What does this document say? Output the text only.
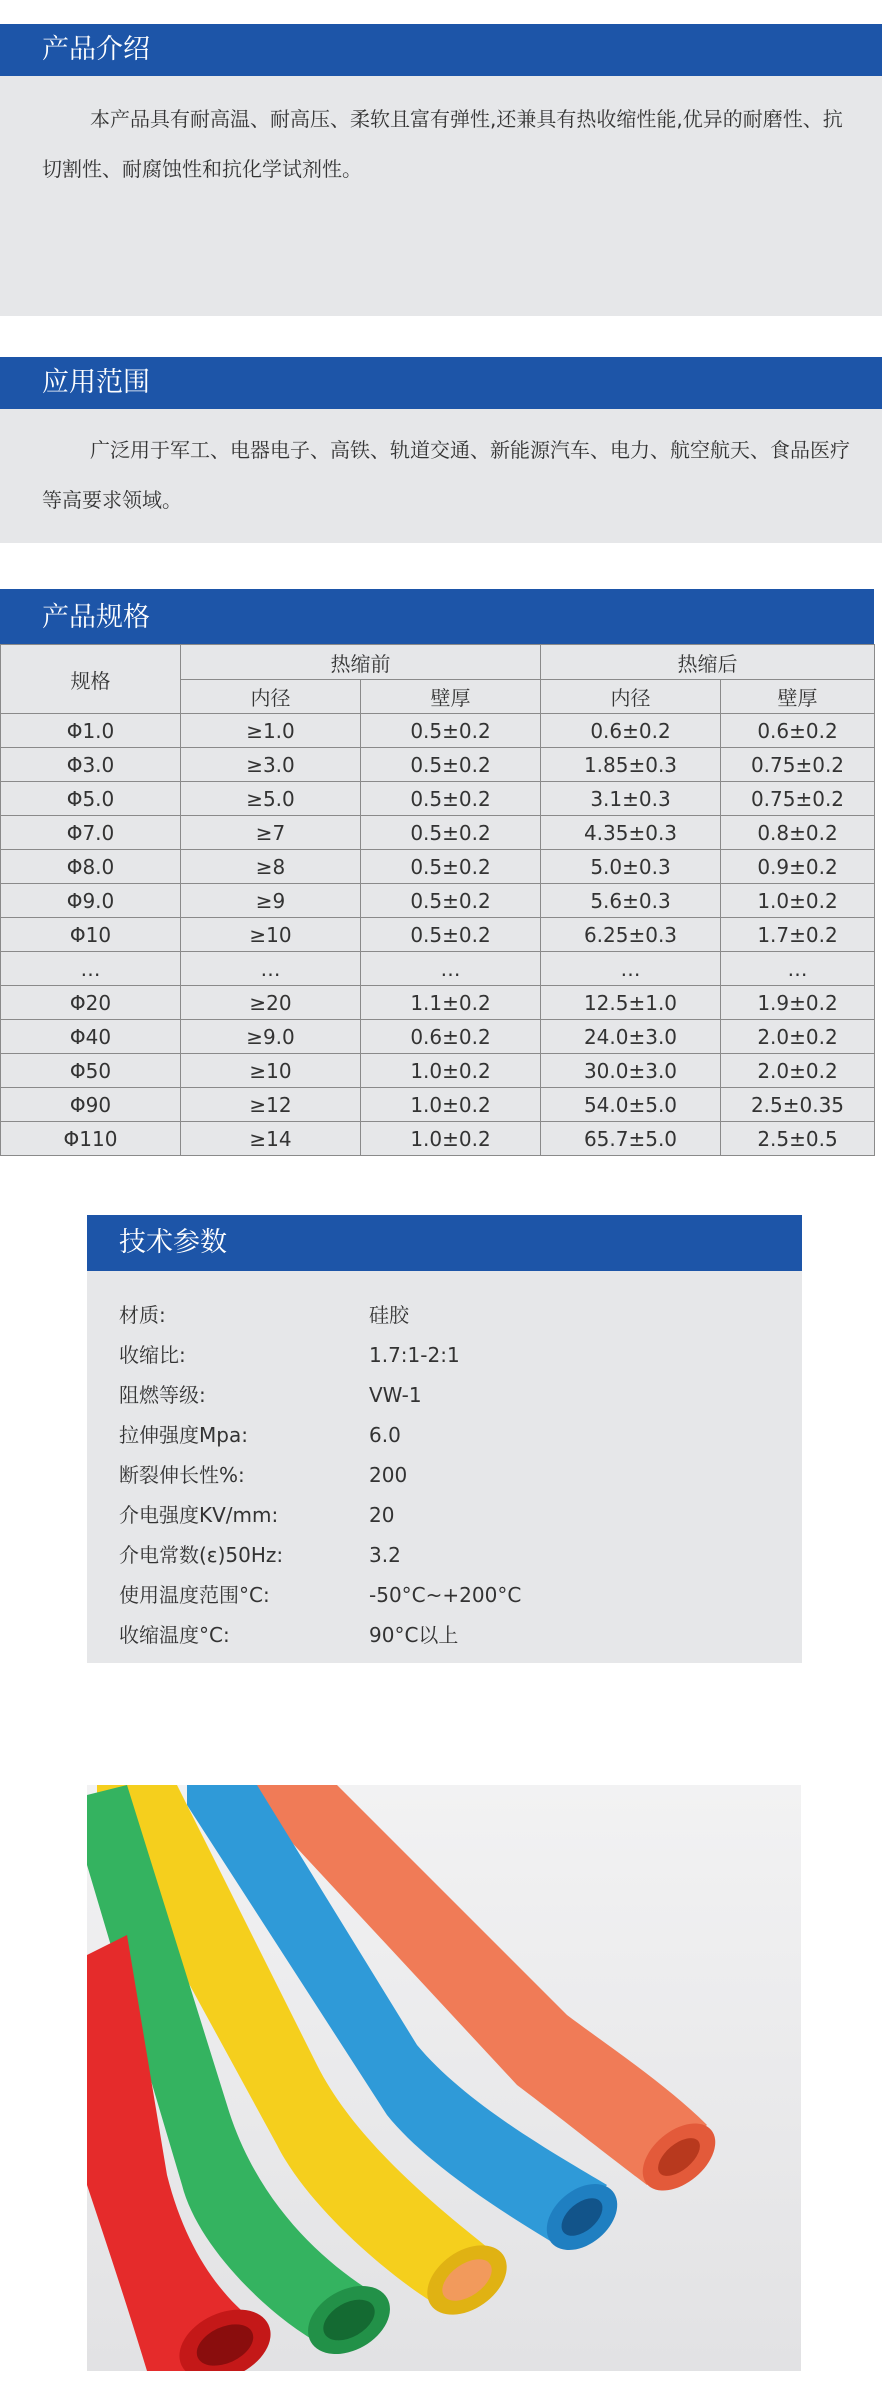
产品介绍
本产品具有耐高温、耐高压、柔软且富有弹性,还兼具有热收缩性能,优异的耐磨性、抗切割性、耐腐蚀性和抗化学试剂性。
应用范围
广泛用于军工、电器电子、高铁、轨道交通、新能源汽车、电力、航空航天、食品医疗等高要求领域。
产品规格
规格	热缩前		热缩后	
	内径	壁厚	内径	壁厚
Φ1.0	≥1.0	0.5±0.2	0.6±0.2	0.6±0.2
Φ3.0	≥3.0	0.5±0.2	1.85±0.3	0.75±0.2
Φ5.0	≥5.0	0.5±0.2	3.1±0.3	0.75±0.2
Φ7.0	≥7	0.5±0.2	4.35±0.3	0.8±0.2
Φ8.0	≥8	0.5±0.2	5.0±0.3	0.9±0.2
Φ9.0	≥9	0.5±0.2	5.6±0.3	1.0±0.2
Φ10	≥10	0.5±0.2	6.25±0.3	1.7±0.2
…	…	…	…	…
Φ20	≥20	1.1±0.2	12.5±1.0	1.9±0.2
Φ40	≥9.0	0.6±0.2	24.0±3.0	2.0±0.2
Φ50	≥10	1.0±0.2	30.0±3.0	2.0±0.2
Φ90	≥12	1.0±0.2	54.0±5.0	2.5±0.35
Φ110	≥14	1.0±0.2	65.7±5.0	2.5±0.5
技术参数
材质:	硅胶
收缩比:	1.7:1-2:1
阻燃等级:	VW-1
拉伸强度Mpa:	6.0
断裂伸长性%:	200
介电强度KV/mm:	20
介电常数(ε)50Hz:	3.2
使用温度范围°C:	-50°C~+200°C
收缩温度°C:	90°C以上
